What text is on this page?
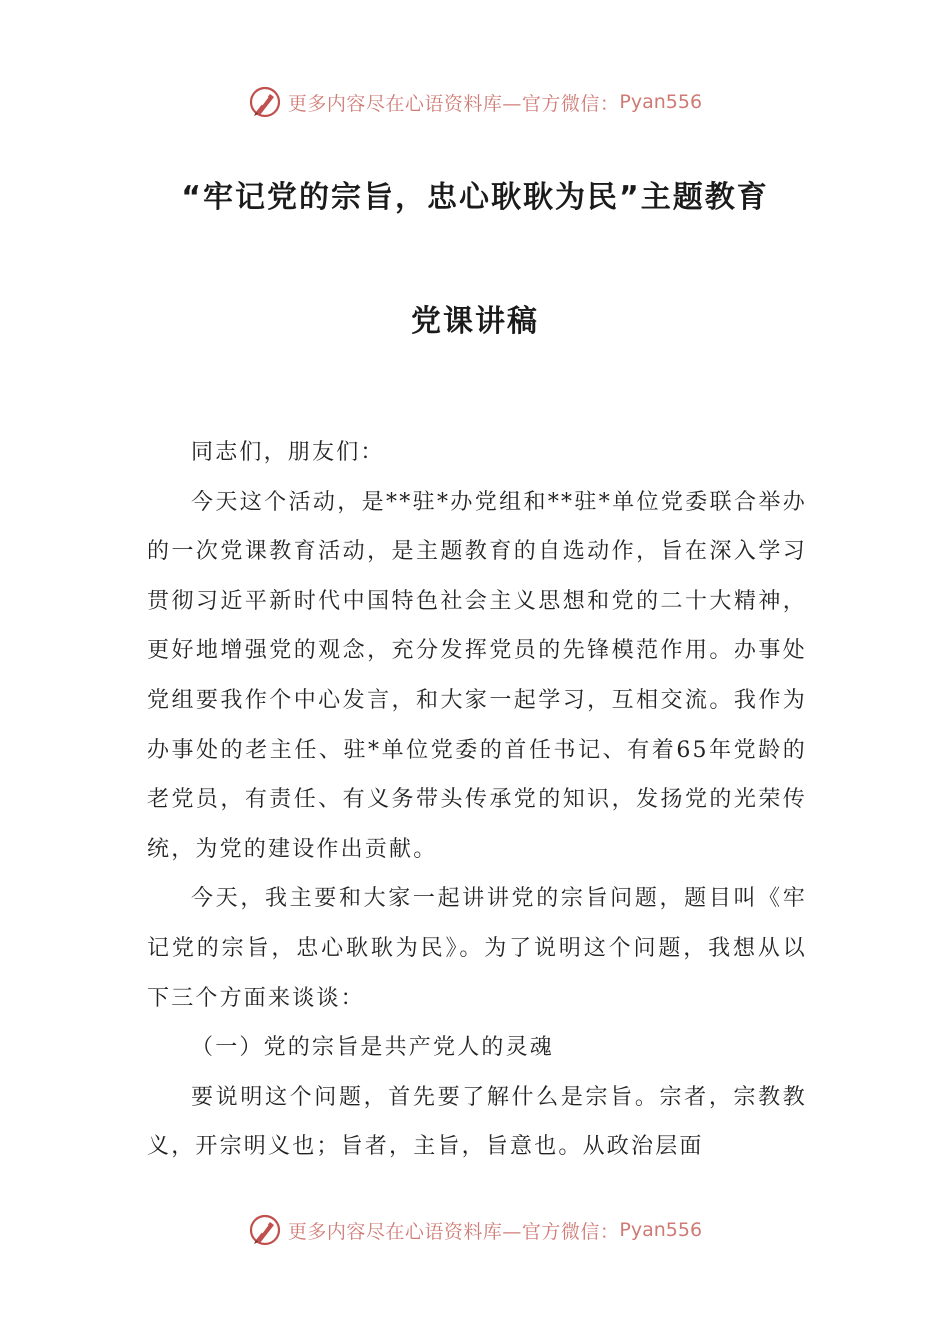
更多内容尽在心语资料库—官方微信： Pyan556
“牢记党的宗旨，忠心耿耿为民”主题教育
党课讲稿

同志们，朋友们：

今天这个活动，是**驻*办党组和**驻*单位党委联合举办的一次党课教育活动，是主题教育的自选动作，旨在深入学习贯彻习近平新时代中国特色社会主义思想和党的二十大精神，更好地增强党的观念，充分发挥党员的先锋模范作用。办事处党组要我作个中心发言，和大家一起学习，互相交流。我作为办事处的老主任、驻*单位党委的首任书记、有着65年党龄的老党员，有责任、有义务带头传承党的知识，发扬党的光荣传统，为党的建设作出贡献。

今天，我主要和大家一起讲讲党的宗旨问题，题目叫《牢记党的宗旨，忠心耿耿为民》。为了说明这个问题，我想从以下三个方面来谈谈：

（一）党的宗旨是共产党人的灵魂

要说明这个问题，首先要了解什么是宗旨。宗者，宗教教义，开宗明义也；旨者，主旨，旨意也。从政治层面

更多内容尽在心语资料库—官方微信： Pyan556
